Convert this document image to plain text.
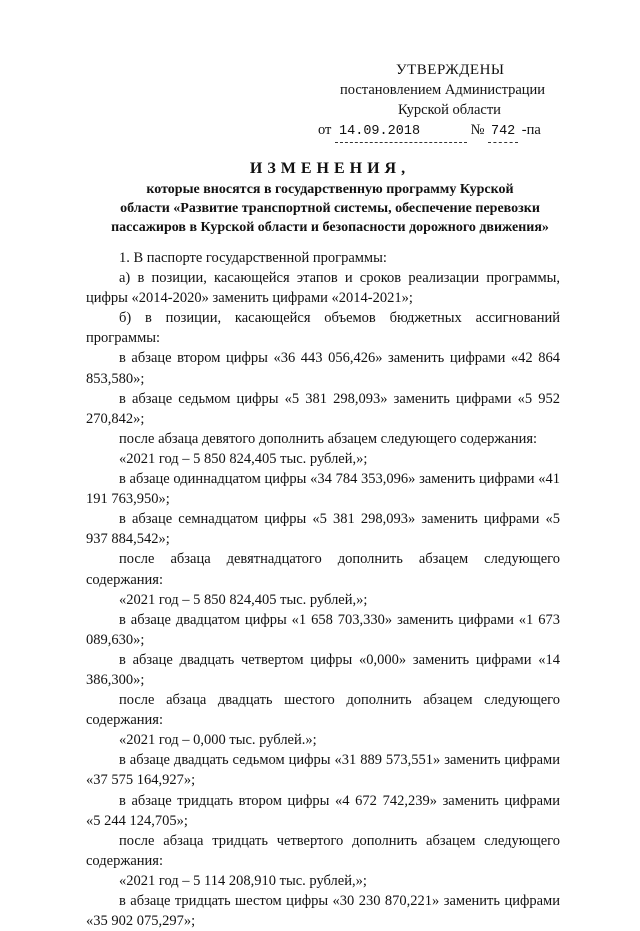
УТВЕРЖДЕНЫ
постановлением Администрации
Курской области
от 14.09.2018	№ 742 -па
ИЗМЕНЕНИЯ,
которые вносятся в государственную программу Курской
области «Развитие транспортной системы, обеспечение перевозки
пассажиров в Курской области и безопасности дорожного движения»

1. В паспорте государственной программы:

а) в позиции, касающейся этапов и сроков реализации программы, цифры «2014-2020» заменить цифрами «2014-2021»;

б) в позиции, касающейся объемов бюджетных ассигнований программы:

в абзаце втором цифры «36 443 056,426» заменить цифрами «42 864 853,580»;

в абзаце седьмом цифры «5 381 298,093» заменить цифрами «5 952 270,842»;

после абзаца девятого дополнить абзацем следующего содержания:

«2021 год – 5 850 824,405 тыс. рублей,»;

в абзаце одиннадцатом цифры «34 784 353,096» заменить цифрами «41 191 763,950»;

в абзаце семнадцатом цифры «5 381 298,093» заменить цифрами «5 937 884,542»;

после абзаца девятнадцатого дополнить абзацем следующего содержания:

«2021 год – 5 850 824,405 тыс. рублей,»;

в абзаце двадцатом цифры «1 658 703,330» заменить цифрами «1 673 089,630»;

в абзаце двадцать четвертом цифры «0,000» заменить цифрами «14 386,300»;

после абзаца двадцать шестого дополнить абзацем следующего содержания:

«2021 год – 0,000 тыс. рублей.»;

в абзаце двадцать седьмом цифры «31 889 573,551» заменить цифрами «37 575 164,927»;

в абзаце тридцать втором цифры «4 672 742,239» заменить цифрами «5 244 124,705»;

после абзаца тридцать четвертого дополнить абзацем следующего содержания:

«2021 год – 5 114 208,910 тыс. рублей,»;

в абзаце тридцать шестом цифры «30 230 870,221» заменить цифрами «35 902 075,297»;
